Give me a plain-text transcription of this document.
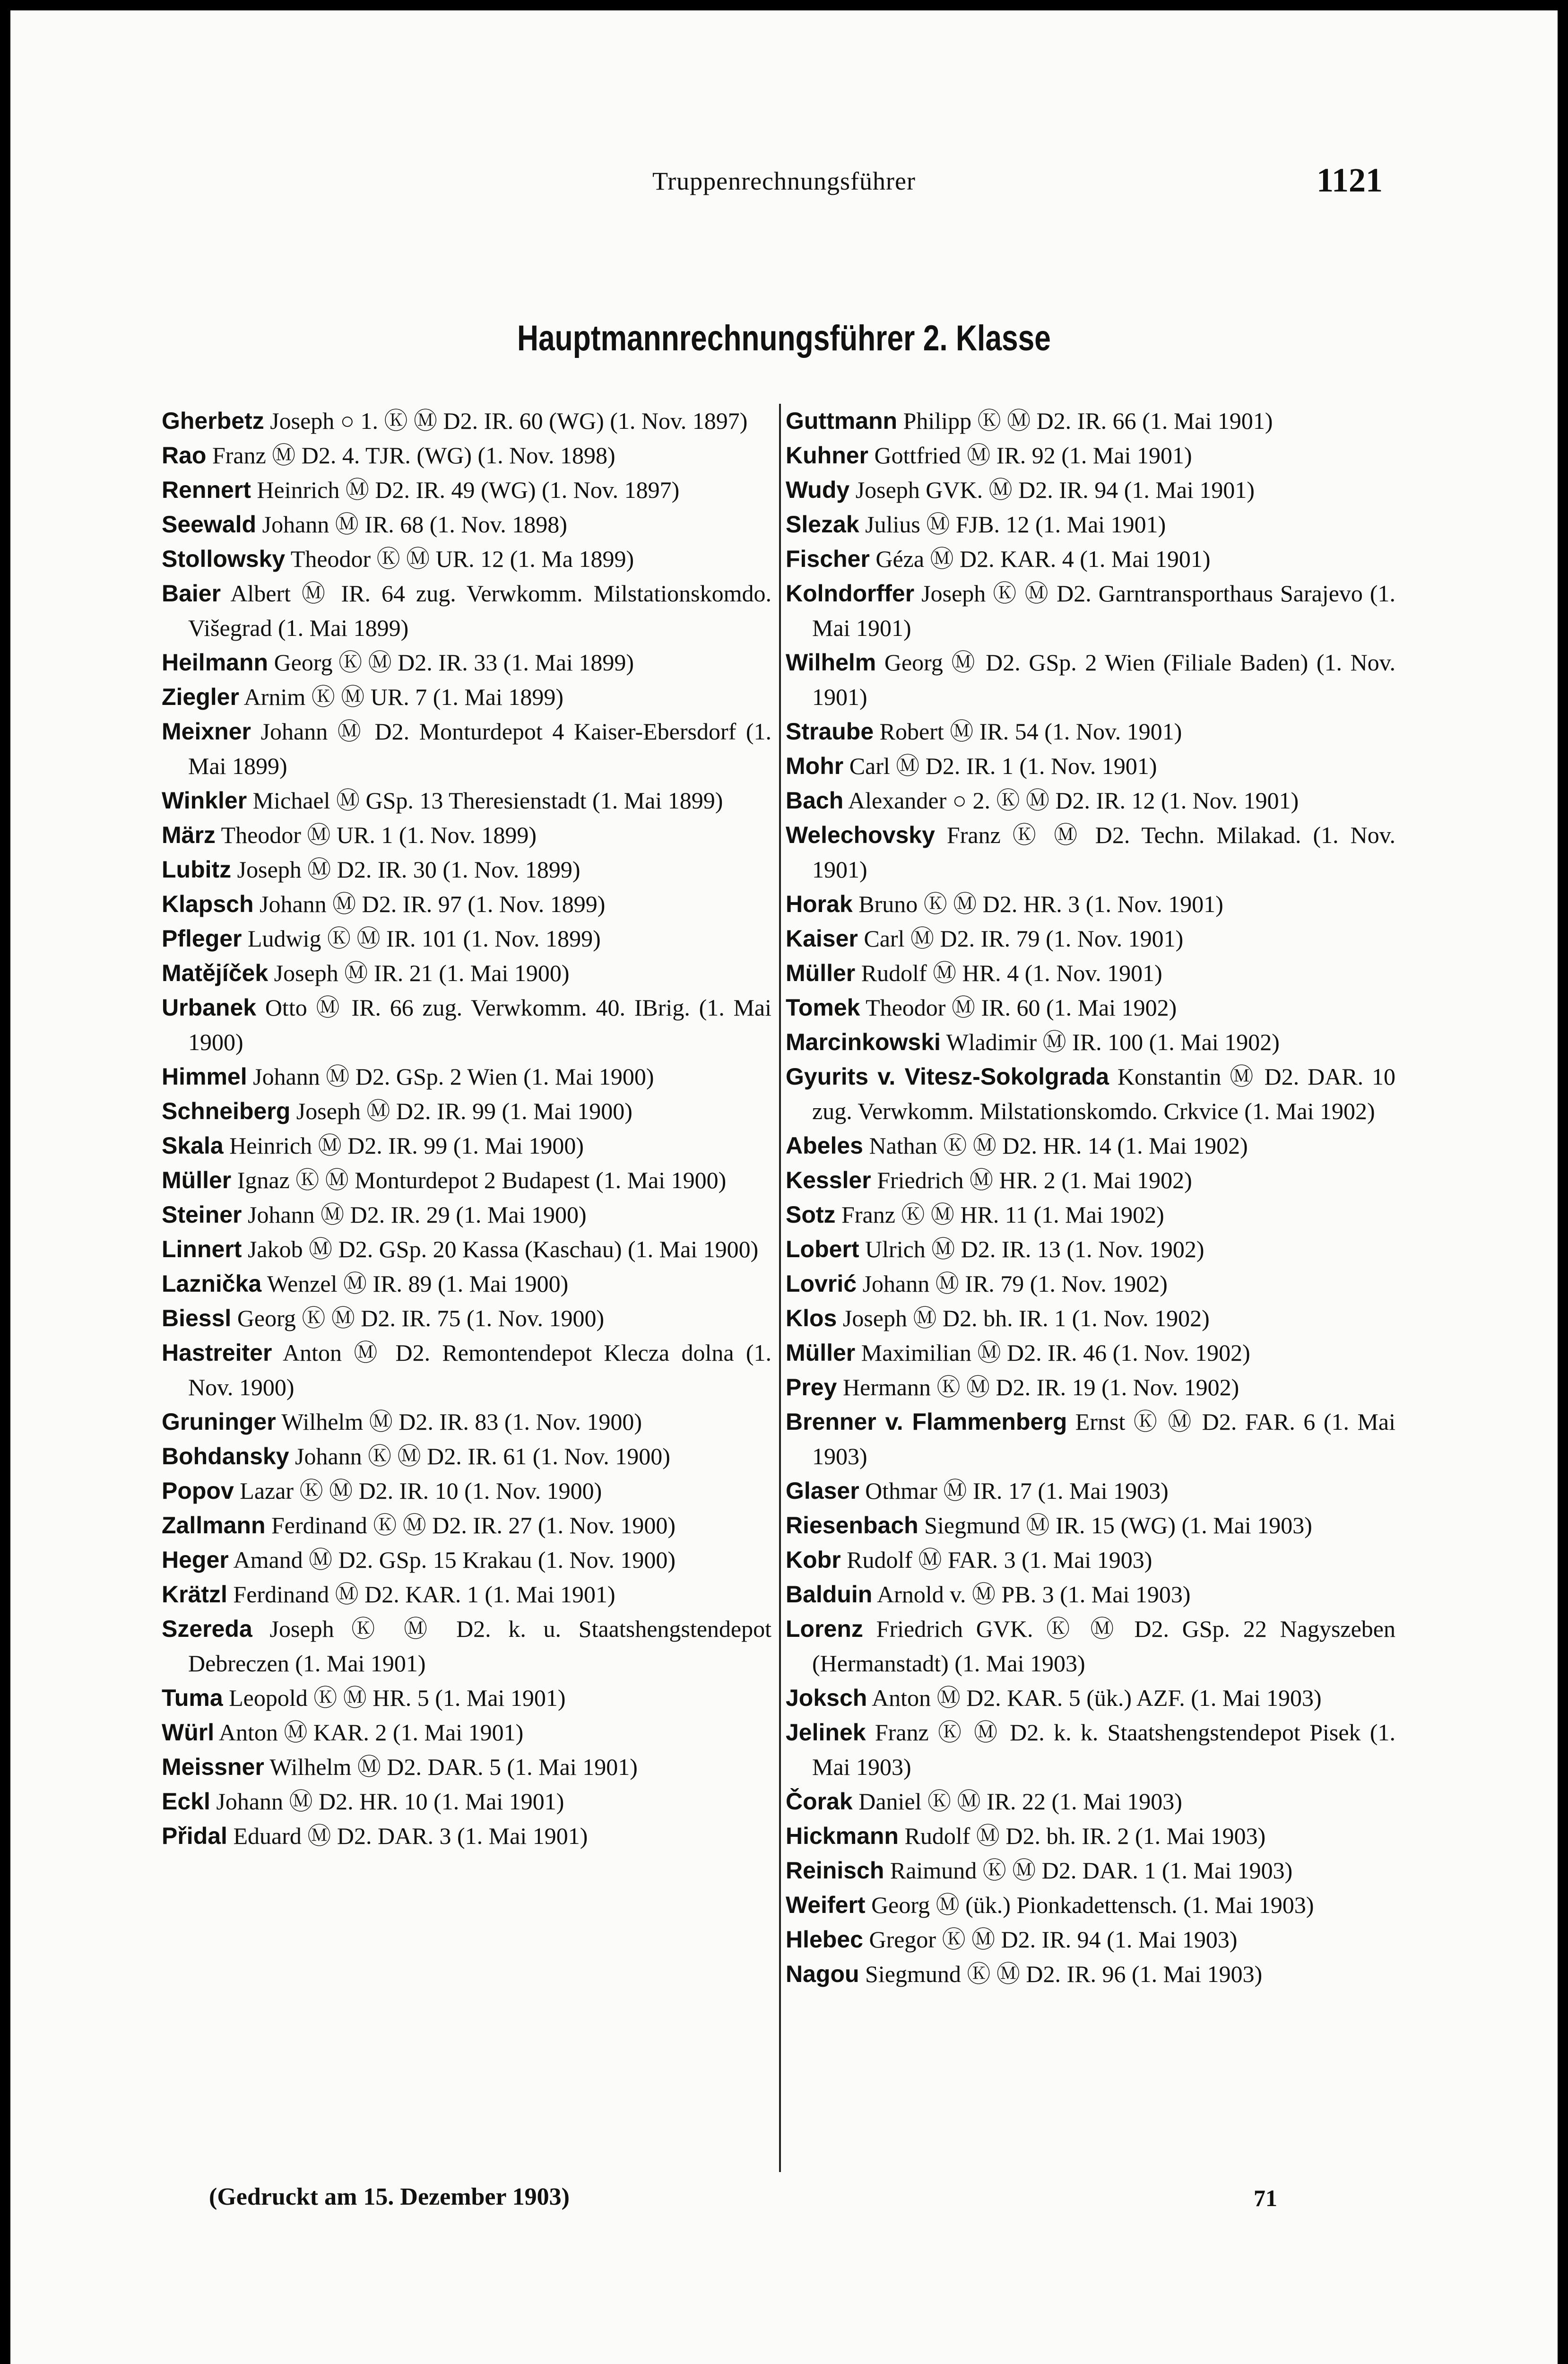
Truppenrechnungsführer	1121
Hauptmannrechnungsführer 2. Klasse
Gherbetz Joseph ○ 1. Ⓚ Ⓜ D2. IR. 60 (WG) (1. Nov. 1897)
Rao Franz Ⓜ D2. 4. TJR. (WG) (1. Nov. 1898)
Rennert Heinrich Ⓜ D2. IR. 49 (WG) (1. Nov. 1897)
Seewald Johann Ⓜ IR. 68 (1. Nov. 1898)
Stollowsky Theodor Ⓚ Ⓜ UR. 12 (1. Ma 1899)
Baier Albert Ⓜ IR. 64 zug. Verwkomm. Milstationskomdo. Višegrad (1. Mai 1899)
Heilmann Georg Ⓚ Ⓜ D2. IR. 33 (1. Mai 1899)
Ziegler Arnim Ⓚ Ⓜ UR. 7 (1. Mai 1899)
Meixner Johann Ⓜ D2. Monturdepot 4 Kaiser-Ebersdorf (1. Mai 1899)
Winkler Michael Ⓜ GSp. 13 Theresienstadt (1. Mai 1899)
März Theodor Ⓜ UR. 1 (1. Nov. 1899)
Lubitz Joseph Ⓜ D2. IR. 30 (1. Nov. 1899)
Klapsch Johann Ⓜ D2. IR. 97 (1. Nov. 1899)
Pfleger Ludwig Ⓚ Ⓜ IR. 101 (1. Nov. 1899)
Matějíček Joseph Ⓜ IR. 21 (1. Mai 1900)
Urbanek Otto Ⓜ IR. 66 zug. Verwkomm. 40. IBrig. (1. Mai 1900)
Himmel Johann Ⓜ D2. GSp. 2 Wien (1. Mai 1900)
Schneiberg Joseph Ⓜ D2. IR. 99 (1. Mai 1900)
Skala Heinrich Ⓜ D2. IR. 99 (1. Mai 1900)
Müller Ignaz Ⓚ Ⓜ Monturdepot 2 Budapest (1. Mai 1900)
Steiner Johann Ⓜ D2. IR. 29 (1. Mai 1900)
Linnert Jakob Ⓜ D2. GSp. 20 Kassa (Kaschau) (1. Mai 1900)
Laznička Wenzel Ⓜ IR. 89 (1. Mai 1900)
Biessl Georg Ⓚ Ⓜ D2. IR. 75 (1. Nov. 1900)
Hastreiter Anton Ⓜ D2. Remontendepot Klecza dolna (1. Nov. 1900)
Gruninger Wilhelm Ⓜ D2. IR. 83 (1. Nov. 1900)
Bohdansky Johann Ⓚ Ⓜ D2. IR. 61 (1. Nov. 1900)
Popov Lazar Ⓚ Ⓜ D2. IR. 10 (1. Nov. 1900)
Zallmann Ferdinand Ⓚ Ⓜ D2. IR. 27 (1. Nov. 1900)
Heger Amand Ⓜ D2. GSp. 15 Krakau (1. Nov. 1900)
Krätzl Ferdinand Ⓜ D2. KAR. 1 (1. Mai 1901)
Szereda Joseph Ⓚ Ⓜ D2. k. u. Staatshengstendepot Debreczen (1. Mai 1901)
Tuma Leopold Ⓚ Ⓜ HR. 5 (1. Mai 1901)
Würl Anton Ⓜ KAR. 2 (1. Mai 1901)
Meissner Wilhelm Ⓜ D2. DAR. 5 (1. Mai 1901)
Eckl Johann Ⓜ D2. HR. 10 (1. Mai 1901)
Přidal Eduard Ⓜ D2. DAR. 3 (1. Mai 1901)
Guttmann Philipp Ⓚ Ⓜ D2. IR. 66 (1. Mai 1901)
Kuhner Gottfried Ⓜ IR. 92 (1. Mai 1901)
Wudy Joseph GVK. Ⓜ D2. IR. 94 (1. Mai 1901)
Slezak Julius Ⓜ FJB. 12 (1. Mai 1901)
Fischer Géza Ⓜ D2. KAR. 4 (1. Mai 1901)
Kolndorffer Joseph Ⓚ Ⓜ D2. Garntransporthaus Sarajevo (1. Mai 1901)
Wilhelm Georg Ⓜ D2. GSp. 2 Wien (Filiale Baden) (1. Nov. 1901)
Straube Robert Ⓜ IR. 54 (1. Nov. 1901)
Mohr Carl Ⓜ D2. IR. 1 (1. Nov. 1901)
Bach Alexander ○ 2. Ⓚ Ⓜ D2. IR. 12 (1. Nov. 1901)
Welechovsky Franz Ⓚ Ⓜ D2. Techn. Milakad. (1. Nov. 1901)
Horak Bruno Ⓚ Ⓜ D2. HR. 3 (1. Nov. 1901)
Kaiser Carl Ⓜ D2. IR. 79 (1. Nov. 1901)
Müller Rudolf Ⓜ HR. 4 (1. Nov. 1901)
Tomek Theodor Ⓜ IR. 60 (1. Mai 1902)
Marcinkowski Wladimir Ⓜ IR. 100 (1. Mai 1902)
Gyurits v. Vitesz-Sokolgrada Konstantin Ⓜ D2. DAR. 10 zug. Verwkomm. Milstationskomdo. Crkvice (1. Mai 1902)
Abeles Nathan Ⓚ Ⓜ D2. HR. 14 (1. Mai 1902)
Kessler Friedrich Ⓜ HR. 2 (1. Mai 1902)
Sotz Franz Ⓚ Ⓜ HR. 11 (1. Mai 1902)
Lobert Ulrich Ⓜ D2. IR. 13 (1. Nov. 1902)
Lovrić Johann Ⓜ IR. 79 (1. Nov. 1902)
Klos Joseph Ⓜ D2. bh. IR. 1 (1. Nov. 1902)
Müller Maximilian Ⓜ D2. IR. 46 (1. Nov. 1902)
Prey Hermann Ⓚ Ⓜ D2. IR. 19 (1. Nov. 1902)
Brenner v. Flammenberg Ernst Ⓚ Ⓜ D2. FAR. 6 (1. Mai 1903)
Glaser Othmar Ⓜ IR. 17 (1. Mai 1903)
Riesenbach Siegmund Ⓜ IR. 15 (WG) (1. Mai 1903)
Kobr Rudolf Ⓜ FAR. 3 (1. Mai 1903)
Balduin Arnold v. Ⓜ PB. 3 (1. Mai 1903)
Lorenz Friedrich GVK. Ⓚ Ⓜ D2. GSp. 22 Nagyszeben (Hermanstadt) (1. Mai 1903)
Joksch Anton Ⓜ D2. KAR. 5 (ük.) AZF. (1. Mai 1903)
Jelinek Franz Ⓚ Ⓜ D2. k. k. Staatshengstendepot Pisek (1. Mai 1903)
Čorak Daniel Ⓚ Ⓜ IR. 22 (1. Mai 1903)
Hickmann Rudolf Ⓜ D2. bh. IR. 2 (1. Mai 1903)
Reinisch Raimund Ⓚ Ⓜ D2. DAR. 1 (1. Mai 1903)
Weifert Georg Ⓜ (ük.) Pionkadettensch. (1. Mai 1903)
Hlebec Gregor Ⓚ Ⓜ D2. IR. 94 (1. Mai 1903)
Nagou Siegmund Ⓚ Ⓜ D2. IR. 96 (1. Mai 1903)
(Gedruckt am 15. Dezember 1903)	71
